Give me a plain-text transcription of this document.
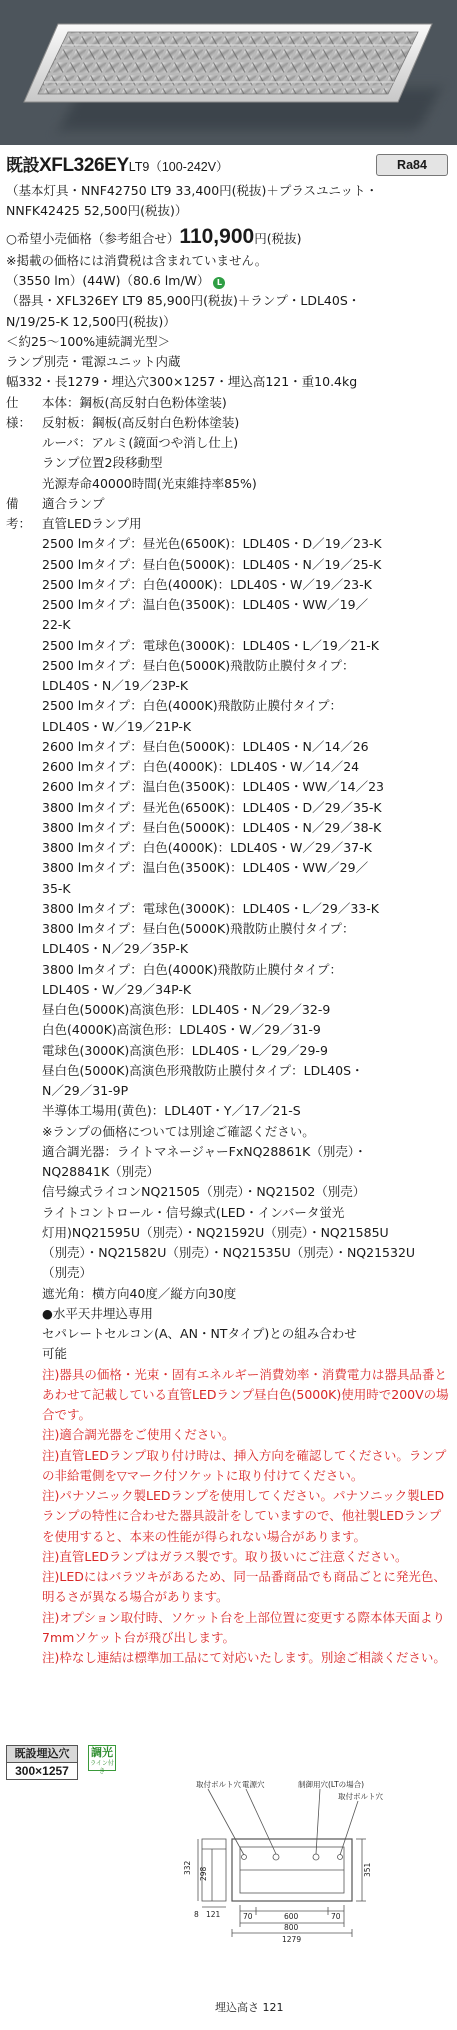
既設XFL326EYLT9（100-242V）	Ra84
（基本灯具・NNF42750 LT9 33,400円(税抜)＋プラスユニット・
NNFK42425 52,500円(税抜)）
○希望小売価格（参考組合せ）110,900円(税抜)
※掲載の価格には消費税は含まれていません。
（3550 lm）(44W)（80.6 lm/W） L
（器具・XFL326EY LT9 85,900円(税抜)＋ランプ・LDL40S・
N/19/25-K 12,500円(税抜)）
＜約25～100%連続調光型＞
ランプ別売・電源ユニット内蔵
幅332・長1279・埋込穴300×1257・埋込高121・重10.4kg
仕様：
本体：鋼板(高反射白色粉体塗装)
反射板：鋼板(高反射白色粉体塗装)
ルーバ：アルミ(鏡面つや消し仕上)
ランプ位置2段移動型
光源寿命40000時間(光束維持率85%)
備考：
適合ランプ
直管LEDランプ用
2500 lmタイプ：昼光色(6500K)：LDL40S・D／19／23-K
2500 lmタイプ：昼白色(5000K)：LDL40S・N／19／25-K
2500 lmタイプ：白色(4000K)：LDL40S・W／19／23-K
2500 lmタイプ：温白色(3500K)：LDL40S・WW／19／
22-K
2500 lmタイプ：電球色(3000K)：LDL40S・L／19／21-K
2500 lmタイプ：昼白色(5000K)飛散防止膜付タイプ：
LDL40S・N／19／23P-K
2500 lmタイプ：白色(4000K)飛散防止膜付タイプ：
LDL40S・W／19／21P-K
2600 lmタイプ：昼白色(5000K)：LDL40S・N／14／26
2600 lmタイプ：白色(4000K)：LDL40S・W／14／24
2600 lmタイプ：温白色(3500K)：LDL40S・WW／14／23
3800 lmタイプ：昼光色(6500K)：LDL40S・D／29／35-K
3800 lmタイプ：昼白色(5000K)：LDL40S・N／29／38-K
3800 lmタイプ：白色(4000K)：LDL40S・W／29／37-K
3800 lmタイプ：温白色(3500K)：LDL40S・WW／29／
35-K
3800 lmタイプ：電球色(3000K)：LDL40S・L／29／33-K
3800 lmタイプ：昼白色(5000K)飛散防止膜付タイプ：
LDL40S・N／29／35P-K
3800 lmタイプ：白色(4000K)飛散防止膜付タイプ：
LDL40S・W／29／34P-K
昼白色(5000K)高演色形：LDL40S・N／29／32-9
白色(4000K)高演色形：LDL40S・W／29／31-9
電球色(3000K)高演色形：LDL40S・L／29／29-9
昼白色(5000K)高演色形飛散防止膜付タイプ：LDL40S・
N／29／31-9P
半導体工場用(黄色)：LDL40T・Y／17／21-S
※ランプの価格については別途ご確認ください。
適合調光器：ライトマネージャーFxNQ28861K（別売）・
NQ28841K（別売）
信号線式ライコンNQ21505（別売）・NQ21502（別売）
ライトコントロール・信号線式(LED・インバータ蛍光
灯用)NQ21595U（別売）・NQ21592U（別売）・NQ21585U
（別売）・NQ21582U（別売）・NQ21535U（別売）・NQ21532U
（別売）
遮光角：横方向40度／縦方向30度
●水平天井埋込専用
セパレートセルコン(A、AN・NTタイプ)との組み合わせ
可能
注)器具の価格・光束・固有エネルギー消費効率・消費電力は器具品番とあわせて記載している直管LEDランプ昼白色(5000K)使用時で200Vの場合です。
注)適合調光器をご使用ください。
注)直管LEDランプ取り付け時は、挿入方向を確認してください。ランプの非給電側を▽マーク付ソケットに取り付けてください。
注)パナソニック製LEDランプを使用してください。パナソニック製LEDランプの特性に合わせた器具設計をしていますので、他社製LEDランプを使用すると、本来の性能が得られない場合があります。
注)直管LEDランプはガラス製です。取り扱いにご注意ください。
注)LEDにはバラツキがあるため、同一品番商品でも商品ごとに発光色、明るさが異なる場合があります。
注)オプション取付時、ソケット台を上部位置に変更する際本体天面より7mmソケット台が飛び出します。
注)枠なし連結は標準加工品にて対応いたします。別途ご相談ください。
既設埋込穴
300×1257
調光
ライン付き
取付ボルト穴 電源穴	制御用穴(LTの場合)
取付ボルト穴
332 298	351
8 121	70	600	70
800
1279
埋込高さ 121
